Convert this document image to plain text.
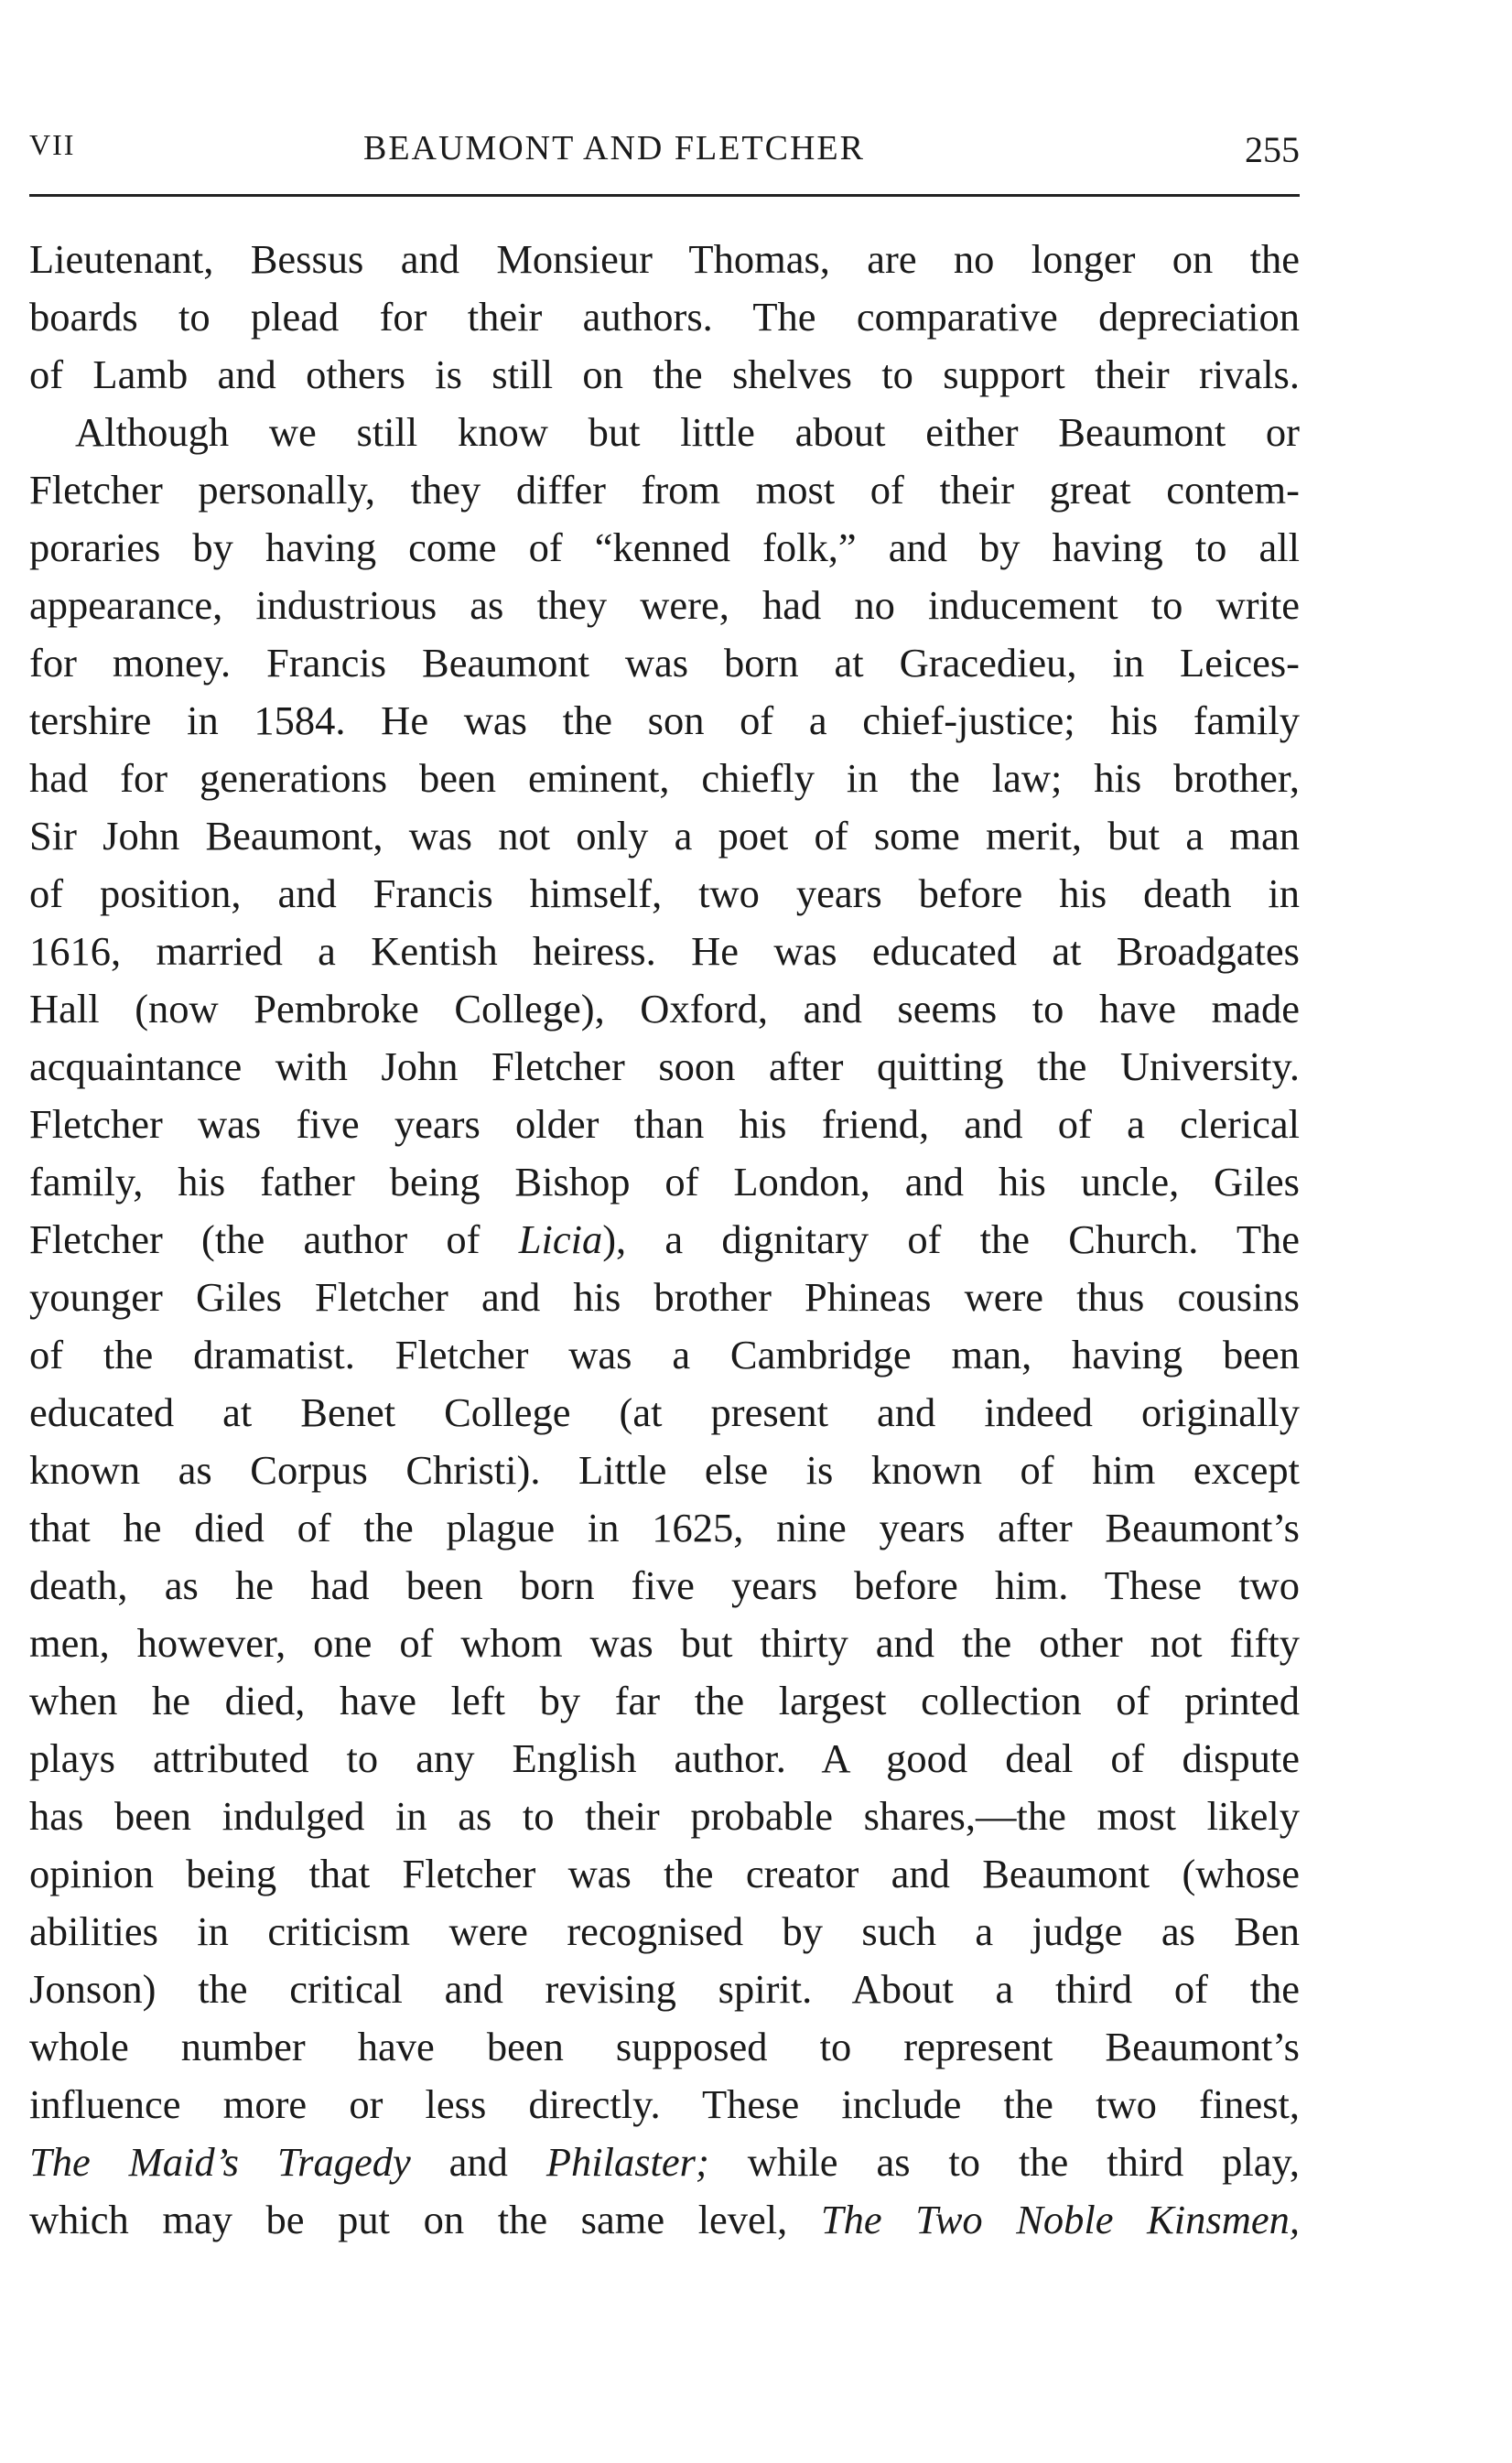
VII	BEAUMONT AND FLETCHER	255
Lieutenant, Bessus and Monsieur Thomas, are no longer on the
boards to plead for their authors. The comparative depreciation
of Lamb and others is still on the shelves to support their rivals.
Although we still know but little about either Beaumont or
Fletcher personally, they differ from most of their great contem-
poraries by having come of “kenned folk,” and by having to all
appearance, industrious as they were, had no inducement to write
for money. Francis Beaumont was born at Gracedieu, in Leices-
tershire in 1584. He was the son of a chief-justice; his family
had for generations been eminent, chiefly in the law; his brother,
Sir John Beaumont, was not only a poet of some merit, but a man
of position, and Francis himself, two years before his death in
1616, married a Kentish heiress. He was educated at Broadgates
Hall (now Pembroke College), Oxford, and seems to have made
acquaintance with John Fletcher soon after quitting the University.
Fletcher was five years older than his friend, and of a clerical
family, his father being Bishop of London, and his uncle, Giles
Fletcher (the author of Licia), a dignitary of the Church. The
younger Giles Fletcher and his brother Phineas were thus cousins
of the dramatist. Fletcher was a Cambridge man, having been
educated at Benet College (at present and indeed originally
known as Corpus Christi). Little else is known of him except
that he died of the plague in 1625, nine years after Beaumont’s
death, as he had been born five years before him. These two
men, however, one of whom was but thirty and the other not fifty
when he died, have left by far the largest collection of printed
plays attributed to any English author. A good deal of dispute
has been indulged in as to their probable shares,—the most likely
opinion being that Fletcher was the creator and Beaumont (whose
abilities in criticism were recognised by such a judge as Ben
Jonson) the critical and revising spirit. About a third of the
whole number have been supposed to represent Beaumont’s
influence more or less directly. These include the two finest,
The Maid’s Tragedy and Philaster; while as to the third play,
which may be put on the same level, The Two Noble Kinsmen,
